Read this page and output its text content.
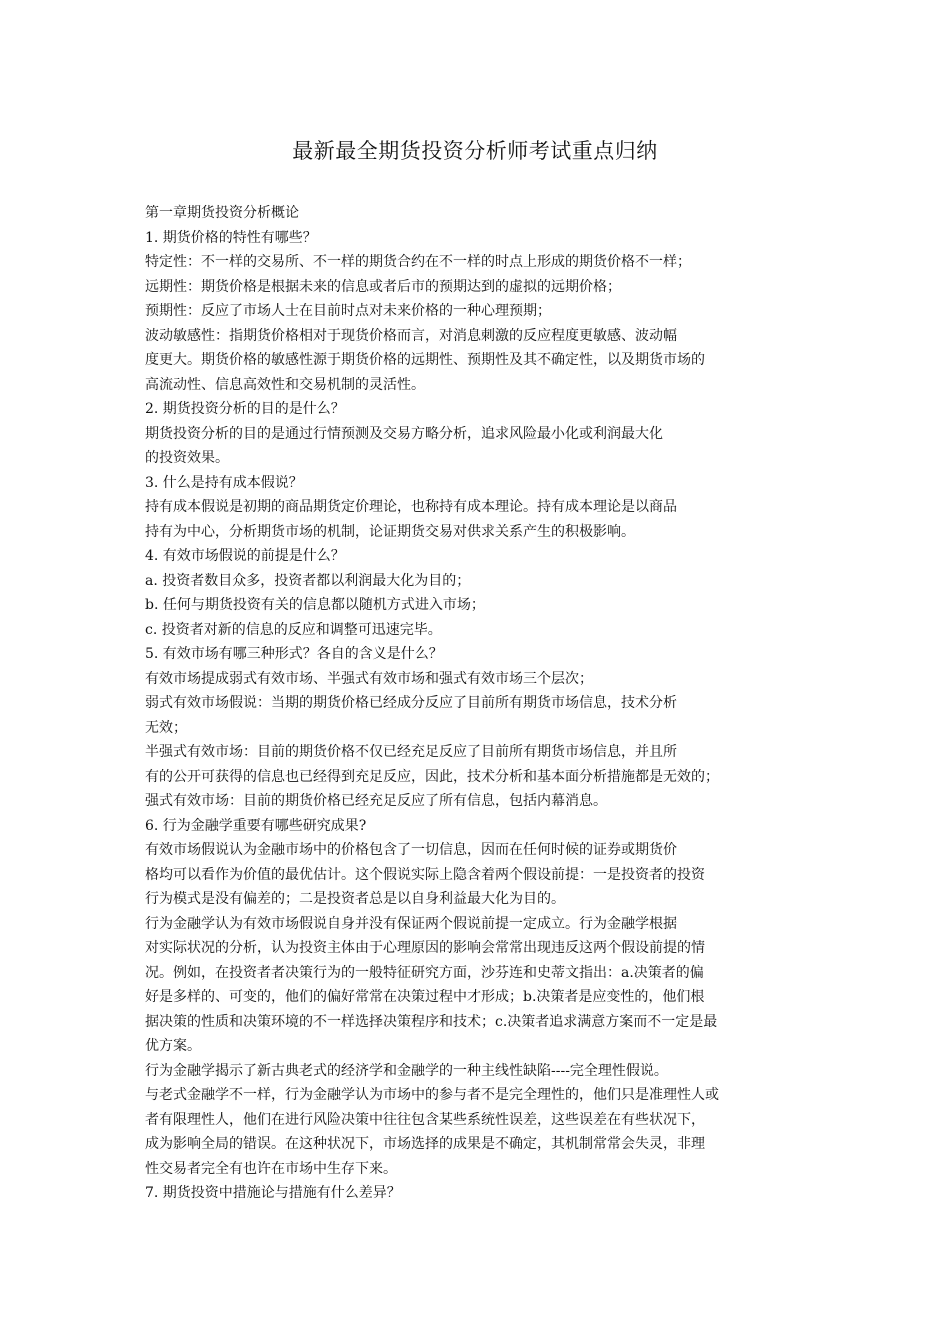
最新最全期货投资分析师考试重点归纳
第一章期货投资分析概论
1. 期货价格的特性有哪些？
特定性：不一样的交易所、不一样的期货合约在不一样的时点上形成的期货价格不一样；
远期性：期货价格是根据未来的信息或者后市的预期达到的虚拟的远期价格；
预期性：反应了市场人士在目前时点对未来价格的一种心理预期；
波动敏感性：指期货价格相对于现货价格而言，对消息刺激的反应程度更敏感、波动幅
度更大。期货价格的敏感性源于期货价格的远期性、预期性及其不确定性，以及期货市场的
高流动性、信息高效性和交易机制的灵活性。
2. 期货投资分析的目的是什么？
期货投资分析的目的是通过行情预测及交易方略分析，追求风险最小化或利润最大化
的投资效果。
3. 什么是持有成本假说？
持有成本假说是初期的商品期货定价理论，也称持有成本理论。持有成本理论是以商品
持有为中心，分析期货市场的机制，论证期货交易对供求关系产生的积极影响。
4. 有效市场假说的前提是什么？
a. 投资者数目众多，投资者都以利润最大化为目的；
b. 任何与期货投资有关的信息都以随机方式进入市场；
c. 投资者对新的信息的反应和调整可迅速完毕。
5. 有效市场有哪三种形式？各自的含义是什么？
有效市场提成弱式有效市场、半强式有效市场和强式有效市场三个层次；
弱式有效市场假说：当期的期货价格已经成分反应了目前所有期货市场信息，技术分析
无效；
半强式有效市场：目前的期货价格不仅已经充足反应了目前所有期货市场信息，并且所
有的公开可获得的信息也已经得到充足反应，因此，技术分析和基本面分析措施都是无效的；
强式有效市场：目前的期货价格已经充足反应了所有信息，包括内幕消息。
6. 行为金融学重要有哪些研究成果?
有效市场假说认为金融市场中的价格包含了一切信息，因而在任何时候的证券或期货价
格均可以看作为价值的最优估计。这个假说实际上隐含着两个假设前提：一是投资者的投资
行为模式是没有偏差的；二是投资者总是以自身利益最大化为目的。
行为金融学认为有效市场假说自身并没有保证两个假说前提一定成立。行为金融学根据
对实际状况的分析，认为投资主体由于心理原因的影响会常常出现违反这两个假设前提的情
况。例如，在投资者者决策行为的一般特征研究方面，沙芬连和史蒂文指出：a.决策者的偏
好是多样的、可变的，他们的偏好常常在决策过程中才形成；b.决策者是应变性的，他们根
据决策的性质和决策环境的不一样选择决策程序和技术；c.决策者追求满意方案而不一定是最
优方案。
行为金融学揭示了新古典老式的经济学和金融学的一种主线性缺陷----完全理性假说。
与老式金融学不一样，行为金融学认为市场中的参与者不是完全理性的，他们只是准理性人或
者有限理性人，他们在进行风险决策中往往包含某些系统性误差，这些误差在有些状况下，
成为影响全局的错误。在这种状况下，市场选择的成果是不确定，其机制常常会失灵，非理
性交易者完全有也许在市场中生存下来。
7. 期货投资中措施论与措施有什么差异？
